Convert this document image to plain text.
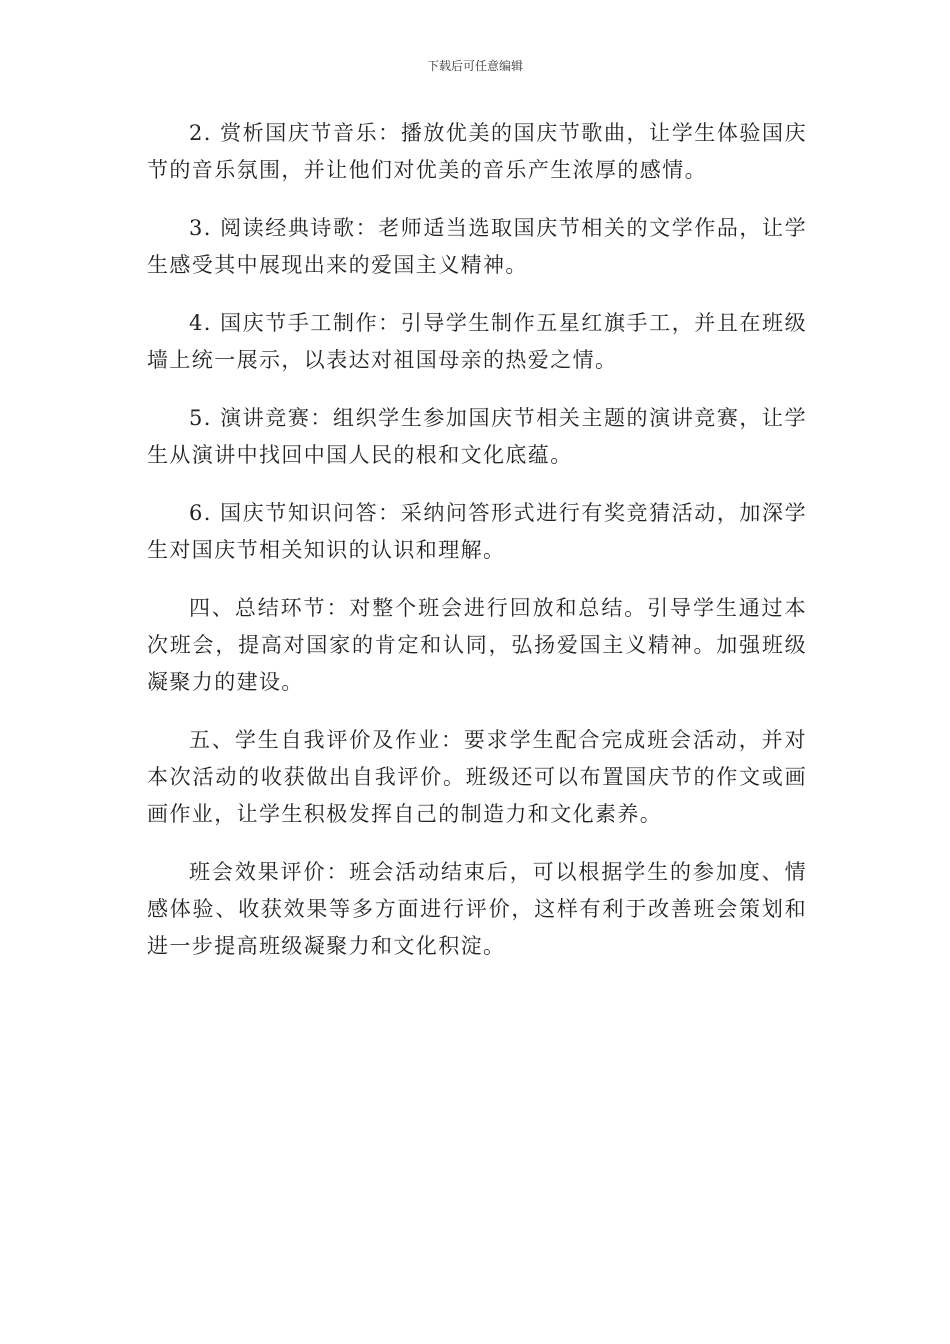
下载后可任意编辑

2. 赏析国庆节音乐：播放优美的国庆节歌曲，让学生体验国庆节的音乐氛围，并让他们对优美的音乐产生浓厚的感情。

3. 阅读经典诗歌：老师适当选取国庆节相关的文学作品，让学生感受其中展现出来的爱国主义精神。

4. 国庆节手工制作：引导学生制作五星红旗手工，并且在班级墙上统一展示，以表达对祖国母亲的热爱之情。

5. 演讲竞赛：组织学生参加国庆节相关主题的演讲竞赛，让学生从演讲中找回中国人民的根和文化底蕴。

6. 国庆节知识问答：采纳问答形式进行有奖竞猜活动，加深学生对国庆节相关知识的认识和理解。

四、总结环节：对整个班会进行回放和总结。引导学生通过本次班会，提高对国家的肯定和认同，弘扬爱国主义精神。加强班级凝聚力的建设。

五、学生自我评价及作业：要求学生配合完成班会活动，并对本次活动的收获做出自我评价。班级还可以布置国庆节的作文或画画作业，让学生积极发挥自己的制造力和文化素养。

班会效果评价：班会活动结束后，可以根据学生的参加度、情感体验、收获效果等多方面进行评价，这样有利于改善班会策划和进一步提高班级凝聚力和文化积淀。
